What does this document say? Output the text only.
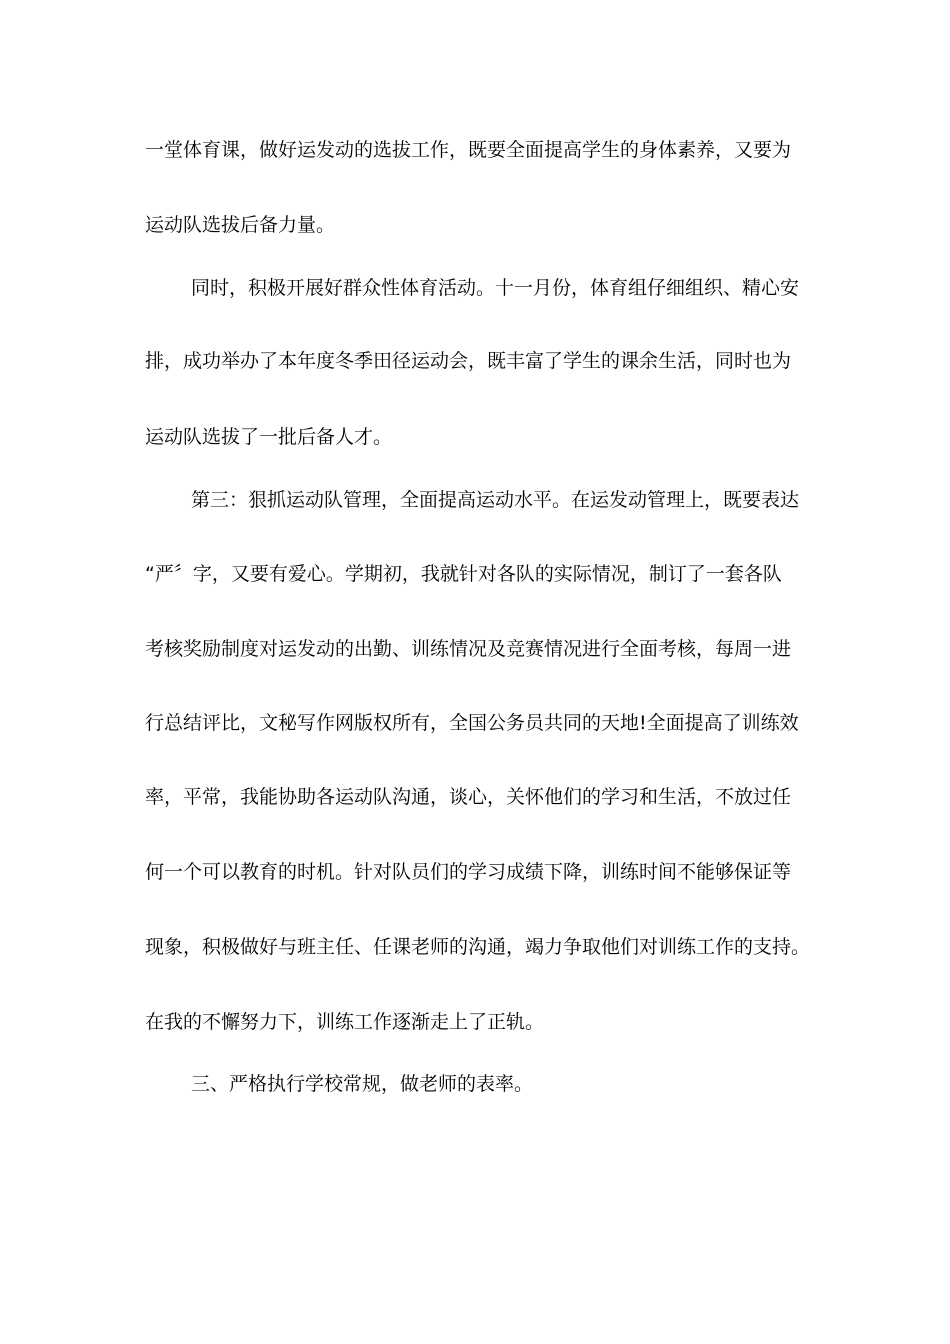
一堂体育课，做好运发动的选拔工作，既要全面提高学生的身体素养，又要为
运动队选拔后备力量。
同时，积极开展好群众性体育活动。十一月份，体育组仔细组织、精心安
排，成功举办了本年度冬季田径运动会，既丰富了学生的课余生活，同时也为
运动队选拔了一批后备人才。
第三：狠抓运动队管理，全面提高运动水平。在运发动管理上，既要表达
“严〞字，又要有爱心。学期初，我就针对各队的实际情况，制订了一套各队
考核奖励制度对运发动的出勤、训练情况及竞赛情况进行全面考核，每周一进
行总结评比，文秘写作网版权所有，全国公务员共同的天地!全面提高了训练效
率，平常，我能协助各运动队沟通，谈心，关怀他们的学习和生活，不放过任
何一个可以教育的时机。针对队员们的学习成绩下降，训练时间不能够保证等
现象，积极做好与班主任、任课老师的沟通，竭力争取他们对训练工作的支持。
在我的不懈努力下，训练工作逐渐走上了正轨。
三、严格执行学校常规，做老师的表率。
